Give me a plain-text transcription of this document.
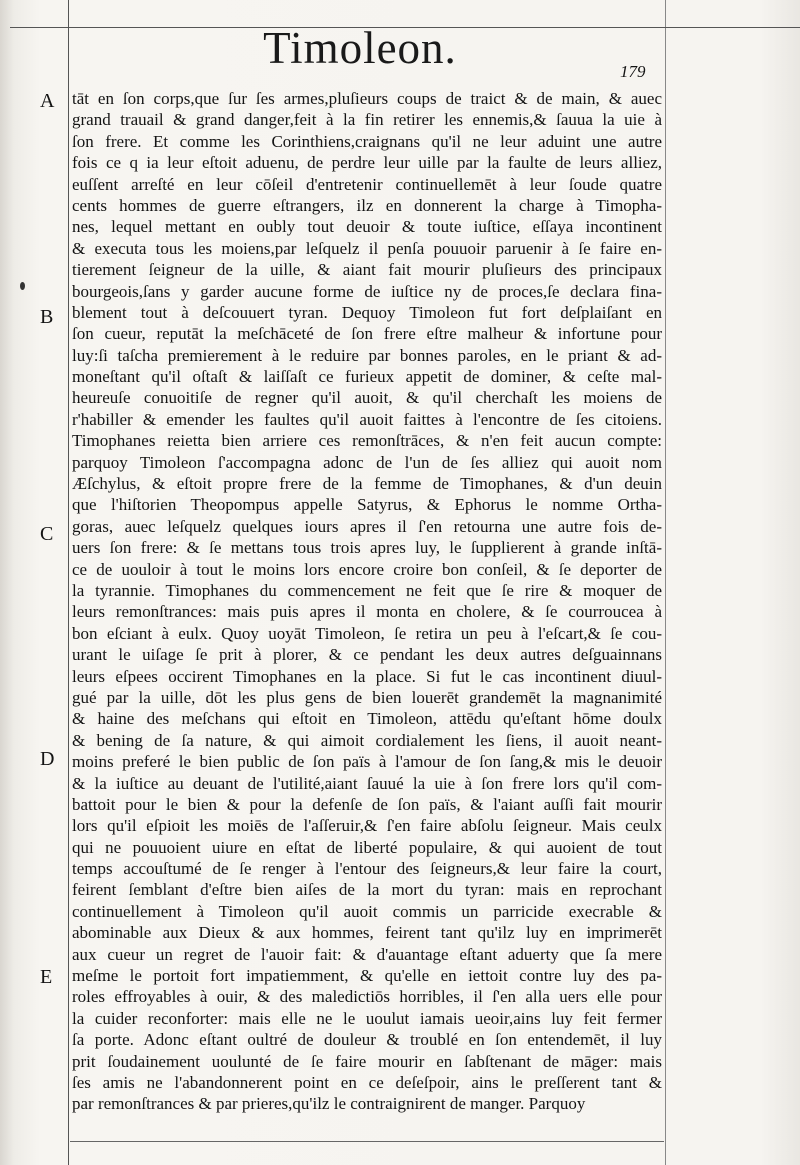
Timoleon.	179
A
B
C
D
E
tāt en ſon corps,que ſur ſes armes,pluſieurs coups de traict & de main, & auec
grand trauail & grand danger,feit à la fin retirer les ennemis,& ſauua la uie à
ſon frere. Et comme les Corinthiens,craignans qu'il ne leur aduint une autre
fois ce q ia leur eſtoit aduenu, de perdre leur uille par la faulte de leurs alliez,
euſſent arreſté en leur cōſeil d'entretenir continuellemēt à leur ſoude quatre
cents hommes de guerre eſtrangers, ilz en donnerent la charge à Timopha-
nes, lequel mettant en oubly tout deuoir & toute iuſtice, eſſaya incontinent
& executa tous les moiens,par leſquelz il penſa pouuoir paruenir à ſe faire en-
tierement ſeigneur de la uille, & aiant fait mourir pluſieurs des principaux
bourgeois,ſans y garder aucune forme de iuſtice ny de proces,ſe declara fina-
blement tout à deſcouuert tyran. Dequoy Timoleon fut fort deſplaiſant en
ſon cueur, reputāt la meſchāceté de ſon frere eſtre malheur & infortune pour
luy:ſi taſcha premierement à le reduire par bonnes paroles, en le priant & ad-
moneſtant qu'il oſtaſt & laiſſaſt ce furieux appetit de dominer, & ceſte mal-
heureuſe conuoitiſe de regner qu'il auoit, & qu'il cherchaſt les moiens de
r'habiller & emender les faultes qu'il auoit faittes à l'encontre de ſes citoiens.
Timophanes reietta bien arriere ces remonſtrāces, & n'en feit aucun compte:
parquoy Timoleon ſ'accompagna adonc de l'un de ſes alliez qui auoit nom
Æſchylus, & eſtoit propre frere de la femme de Timophanes, & d'un deuin
que l'hiſtorien Theopompus appelle Satyrus, & Ephorus le nomme Ortha-
goras, auec leſquelz quelques iours apres il ſ'en retourna une autre fois de-
uers ſon frere: & ſe mettans tous trois apres luy, le ſupplierent à grande inſtā-
ce de uouloir à tout le moins lors encore croire bon conſeil, & ſe deporter de
la tyrannie. Timophanes du commencement ne feit que ſe rire & moquer de
leurs remonſtrances: mais puis apres il monta en cholere, & ſe courroucea à
bon eſciant à eulx. Quoy uoyāt Timoleon, ſe retira un peu à l'eſcart,& ſe cou-
urant le uiſage ſe prit à plorer, & ce pendant les deux autres deſguainnans
leurs eſpees occirent Timophanes en la place. Si fut le cas incontinent diuul-
gué par la uille, dōt les plus gens de bien louerēt grandemēt la magnanimité
& haine des meſchans qui eſtoit en Timoleon, attēdu qu'eſtant hōme doulx
& bening de ſa nature, & qui aimoit cordialement les ſiens, il auoit neant-
moins preferé le bien public de ſon païs à l'amour de ſon ſang,& mis le deuoir
& la iuſtice au deuant de l'utilité,aiant ſauué la uie à ſon frere lors qu'il com-
battoit pour le bien & pour la defenſe de ſon païs, & l'aiant auſſi fait mourir
lors qu'il eſpioit les moiēs de l'aſſeruir,& ſ'en faire abſolu ſeigneur. Mais ceulx
qui ne pouuoient uiure en eſtat de liberté populaire, & qui auoient de tout
temps accouſtumé de ſe renger à l'entour des ſeigneurs,& leur faire la court,
feirent ſemblant d'eſtre bien aiſes de la mort du tyran: mais en reprochant
continuellement à Timoleon qu'il auoit commis un parricide execrable &
abominable aux Dieux & aux hommes, feirent tant qu'ilz luy en imprimerēt
aux cueur un regret de l'auoir fait: & d'auantage eſtant aduerty que ſa mere
meſme le portoit fort impatiemment, & qu'elle en iettoit contre luy des pa-
roles effroyables à ouir, & des maledictiōs horribles, il ſ'en alla uers elle pour
la cuider reconforter: mais elle ne le uoulut iamais ueoir,ains luy feit fermer
ſa porte. Adonc eſtant oultré de douleur & troublé en ſon entendemēt, il luy
prit ſoudainement uoulunté de ſe faire mourir en ſabſtenant de māger: mais
ſes amis ne l'abandonnerent point en ce deſeſpoir, ains le preſſerent tant &
par remonſtrances & par prieres,qu'ilz le contraignirent de manger. Parquoy
